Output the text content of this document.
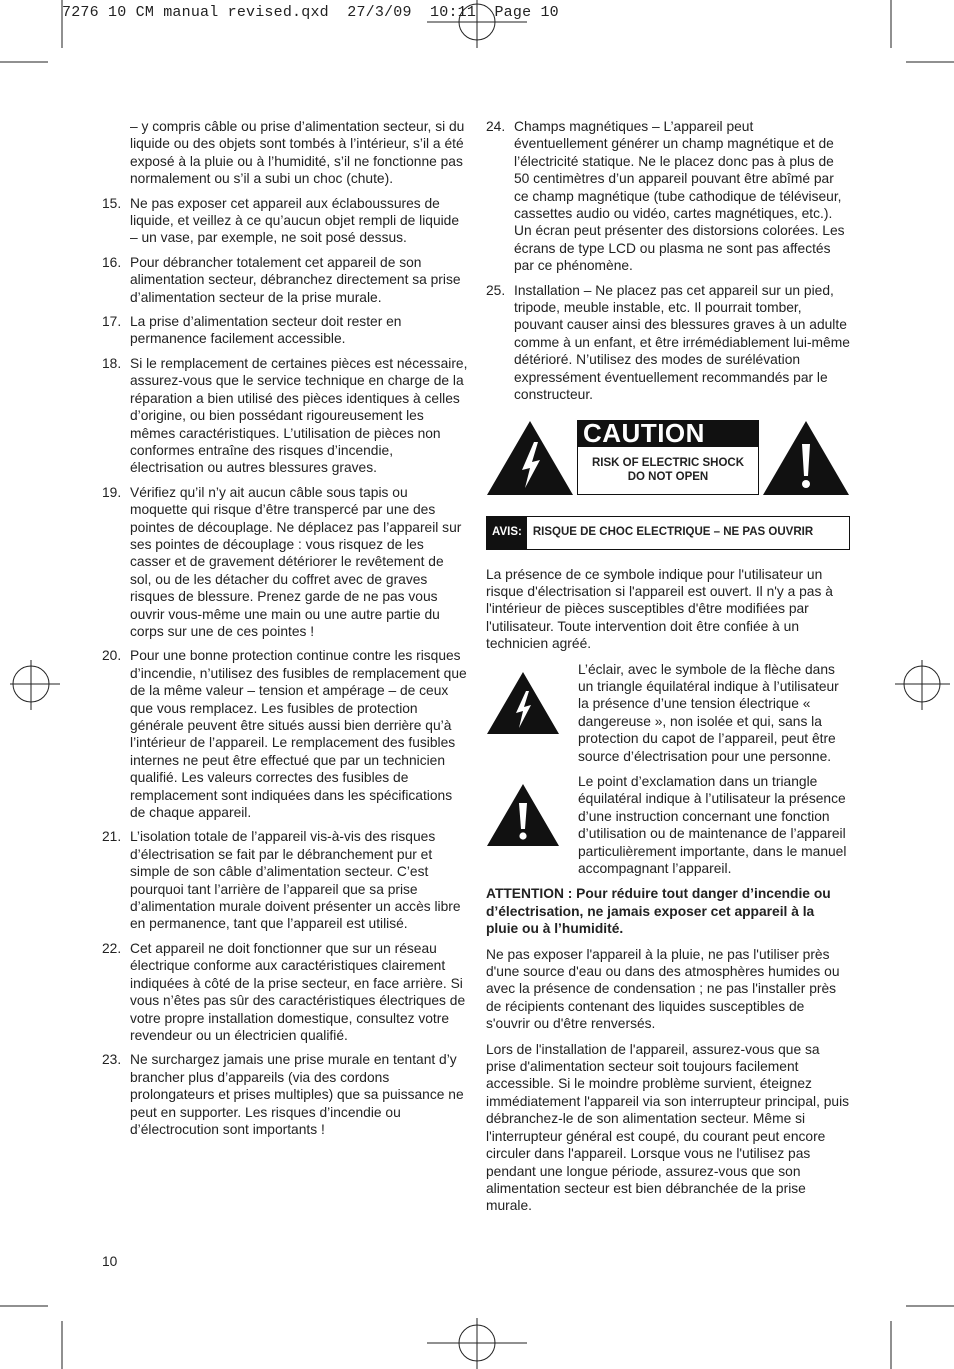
7276 10 CM manual revised.qxd  27/3/09  10:11  Page 10

– y compris câble ou prise d’alimentation secteur, si du liquide ou des objets sont tombés à l’intérieur, s’il a été exposé à la pluie ou à l’humidité, s’il ne fonctionne pas normalement ou s’il a subi un choc (chute).

15. Ne pas exposer cet appareil aux éclaboussures de liquide, et veillez à ce qu’aucun objet rempli de liquide – un vase, par exemple, ne soit posé dessus.
16. Pour débrancher totalement cet appareil de son alimentation secteur, débranchez directement sa prise d’alimentation secteur de la prise murale.
17. La prise d’alimentation secteur doit rester en permanence facilement accessible.
18. Si le remplacement de certaines pièces est nécessaire, assurez-vous que le service technique en charge de la réparation a bien utilisé des pièces identiques à celles d’origine, ou bien possédant rigoureusement les mêmes caractéristiques. L’utilisation de pièces non conformes entraîne des risques d’incendie, électrisation ou autres blessures graves.
19. Vérifiez qu’il n’y ait aucun câble sous tapis ou moquette qui risque d’être transpercé par une des pointes de découplage. Ne déplacez pas l’appareil sur ses pointes de découplage : vous risquez de les casser et de gravement détériorer le revêtement de sol, ou de les détacher du coffret avec de graves risques de blessure. Prenez garde de ne pas vous ouvrir vous-même une main ou une autre partie du corps sur une de ces pointes !
20. Pour une bonne protection continue contre les risques d’incendie, n’utilisez des fusibles de remplacement que de la même valeur – tension et ampérage – de ceux que vous remplacez. Les fusibles de protection générale peuvent être situés aussi bien derrière qu’à l’intérieur de l’appareil. Le remplacement des fusibles internes ne peut être effectué que par un technicien qualifié. Les valeurs correctes des fusibles de remplacement sont indiquées dans les spécifications de chaque appareil.
21. L’isolation totale de l’appareil vis-à-vis des risques d’électrisation se fait par le débranchement pur et simple de son câble d’alimentation secteur. C’est pourquoi tant l’arrière de l’appareil que sa prise d’alimentation murale doivent présenter un accès libre en permanence, tant que l’appareil est utilisé.
22. Cet appareil ne doit fonctionner que sur un réseau électrique conforme aux caractéristiques clairement indiquées à côté de la prise secteur, en face arrière. Si vous n’êtes pas sûr des caractéristiques électriques de votre propre installation domestique, consultez votre revendeur ou un électricien qualifié.
23. Ne surchargez jamais une prise murale en tentant d’y brancher plus d’appareils (via des cordons prolongateurs et prises multiples) que sa puissance ne peut en supporter. Les risques d’incendie ou d’électrocution sont importants !
24. Champs magnétiques – L’appareil peut éventuellement générer un champ magnétique et de l’électricité statique. Ne le placez donc pas à plus de 50 centimètres d’un appareil pouvant être abîmé par ce champ magnétique (tube cathodique de téléviseur, cassettes audio ou vidéo, cartes magnétiques, etc.). Un écran peut présenter des distorsions colorées. Les écrans de type LCD ou plasma ne sont pas affectés par ce phénomène.
25. Installation – Ne placez pas cet appareil sur un pied, tripode, meuble instable, etc. Il pourrait tomber, pouvant causer ainsi des blessures graves à un adulte comme à un enfant, et être irrémédiablement lui-même détérioré. N’utilisez des modes de surélévation expressément éventuellement recommandés par le constructeur.
CAUTION
RISK OF ELECTRIC SHOCK
DO NOT OPEN
AVIS: RISQUE DE CHOC ELECTRIQUE – NE PAS OUVRIR

La présence de ce symbole indique pour l'utilisateur un risque d'électrisation si l'appareil est ouvert. Il n'y a pas à l'intérieur de pièces susceptibles d'être modifiées par l'utilisateur. Toute intervention doit être confiée à un technicien agréé.

L’éclair, avec le symbole de la flèche dans un triangle équilatéral indique à l’utilisateur la présence d’une tension électrique « dangereuse », non isolée et qui, sans la protection du capot de l’appareil, peut être source d’électrisation pour une personne.
Le point d’exclamation dans un triangle équilatéral indique à l’utilisateur la présence d’une instruction concernant une fonction d’utilisation ou de maintenance de l’appareil particulièrement importante, dans le manuel accompagnant l’appareil.

ATTENTION : Pour réduire tout danger d’incendie ou d’électrisation, ne jamais exposer cet appareil à la pluie ou à l’humidité.

Ne pas exposer l'appareil à la pluie, ne pas l'utiliser près d'une source d'eau ou dans des atmosphères humides ou avec la présence de condensation ; ne pas l'installer près de récipients contenant des liquides susceptibles de s'ouvrir ou d'être renversés.

Lors de l'installation de l'appareil, assurez-vous que sa prise d'alimentation secteur soit toujours facilement accessible. Si le moindre problème survient, éteignez immédiatement l'appareil via son interrupteur principal, puis débranchez-le de son alimentation secteur. Même si l'interrupteur général est coupé, du courant peut encore circuler dans l'appareil. Lorsque vous ne l'utilisez pas pendant une longue période, assurez-vous que son alimentation secteur est bien débranchée de la prise murale.

10
